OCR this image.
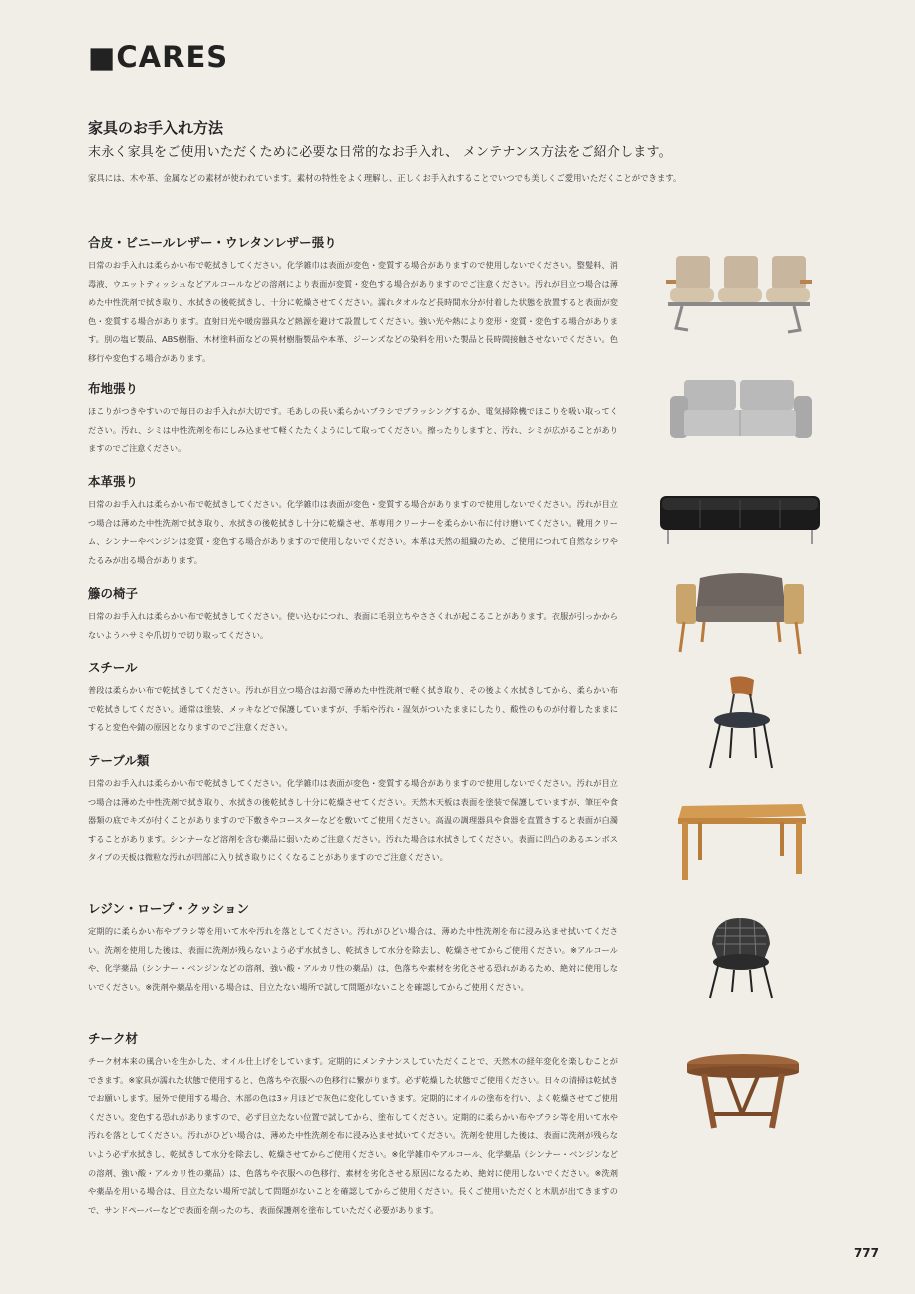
■CARES
家具のお手入れ方法
末永く家具をご使用いただくために必要な日常的なお手入れ、 メンテナンス方法をご紹介します。
家具には、木や革、金属などの素材が使われています。素材の特性をよく理解し、正しくお手入れすることでいつでも美しくご愛用いただくことができます。
合皮・ビニールレザー・ウレタンレザー張り

日常のお手入れは柔らかい布で乾拭きしてください。化学雑巾は表面が変色・変質する場合がありますので使用しないでください。整髪料、消毒液、ウエットティッシュなどアルコールなどの溶剤により表面が変質・変色する場合がありますのでご注意ください。汚れが目立つ場合は薄めた中性洗剤で拭き取り、水拭きの後乾拭きし、十分に乾燥させてください。濡れタオルなど長時間水分が付着した状態を放置すると表面が変色・変質する場合があります。直射日光や暖房器具など熱源を避けて設置してください。強い光や熱により変形・変質・変色する場合があります。別の塩ビ製品、ABS樹脂、木材塗料面などの異材樹脂製品や本革、ジーンズなどの染料を用いた製品と長時間接触させないでください。色移行や変色する場合があります。

布地張り

ほこりがつきやすいので毎日のお手入れが大切です。毛あしの長い柔らかいブラシでブラッシングするか、電気掃除機でほこりを吸い取ってください。汚れ、シミは中性洗剤を布にしみ込ませて軽くたたくようにして取ってください。擦ったりしますと、汚れ、シミが広がることがありますのでご注意ください。

本革張り

日常のお手入れは柔らかい布で乾拭きしてください。化学雑巾は表面が変色・変質する場合がありますので使用しないでください。汚れが目立つ場合は薄めた中性洗剤で拭き取り、水拭きの後乾拭きし十分に乾燥させ、革専用クリーナーを柔らかい布に付け磨いてください。靴用クリーム、シンナーやベンジンは変質・変色する場合がありますので使用しないでください。本革は天然の組織のため、ご使用につれて自然なシワやたるみが出る場合があります。

籐の椅子

日常のお手入れは柔らかい布で乾拭きしてください。使い込むにつれ、表面に毛羽立ちやささくれが起こることがあります。衣服が引っかからないようハサミや爪切りで切り取ってください。

スチール

普段は柔らかい布で乾拭きしてください。汚れが目立つ場合はお湯で薄めた中性洗剤で軽く拭き取り、その後よく水拭きしてから、柔らかい布で乾拭きしてください。通常は塗装、メッキなどで保護していますが、手垢や汚れ・湿気がついたままにしたり、酸性のものが付着したままにすると変色や錆の原因となりますのでご注意ください。

テーブル類

日常のお手入れは柔らかい布で乾拭きしてください。化学雑巾は表面が変色・変質する場合がありますので使用しないでください。汚れが目立つ場合は薄めた中性洗剤で拭き取り、水拭きの後乾拭きし十分に乾燥させてください。天然木天板は表面を塗装で保護していますが、筆圧や食器類の底でキズが付くことがありますので下敷きやコースターなどを敷いてご使用ください。高温の調理器具や食器を直置きすると表面が白濁することがあります。シンナーなど溶剤を含む薬品に弱いためご注意ください。汚れた場合は水拭きしてください。表面に凹凸のあるエンボスタイプの天板は微粒な汚れが凹部に入り拭き取りにくくなることがありますのでご注意ください。

レジン・ロープ・クッション

定期的に柔らかい布やブラシ等を用いて水や汚れを落としてください。汚れがひどい場合は、薄めた中性洗剤を布に浸み込ませ拭いてください。洗剤を使用した後は、表面に洗剤が残らないよう必ず水拭きし、乾拭きして水分を除去し、乾燥させてからご使用ください。※アルコールや、化学薬品（シンナー・ベンジンなどの溶剤、強い酸・アルカリ性の薬品）は、色落ちや素材を劣化させる恐れがあるため、絶対に使用しないでください。※洗剤や薬品を用いる場合は、目立たない場所で試して問題がないことを確認してからご使用ください。

チーク材

チーク材本来の風合いを生かした、オイル仕上げをしています。定期的にメンテナンスしていただくことで、天然木の経年変化を楽しむことができます。※家具が濡れた状態で使用すると、色落ちや衣服への色移行に繋がります。必ず乾燥した状態でご使用ください。日々の清掃は乾拭きでお願いします。屋外で使用する場合、木部の色は3ヶ月ほどで灰色に変化していきます。定期的にオイルの塗布を行い、よく乾燥させてご使用ください。変色する恐れがありますので、必ず目立たない位置で試してから、塗布してください。定期的に柔らかい布やブラシ等を用いて水や汚れを落としてください。汚れがひどい場合は、薄めた中性洗剤を布に浸み込ませ拭いてください。洗剤を使用した後は、表面に洗剤が残らないよう必ず水拭きし、乾拭きして水分を除去し、乾燥させてからご使用ください。※化学雑巾やアルコール、化学薬品（シンナー・ベンジンなどの溶剤、強い酸・アルカリ性の薬品）は、色落ちや衣服への色移行、素材を劣化させる原因になるため、絶対に使用しないでください。※洗剤や薬品を用いる場合は、目立たない場所で試して問題がないことを確認してからご使用ください。長くご使用いただくと木肌が出てきますので、サンドペーパーなどで表面を削ったのち、表面保護剤を塗布していただく必要があります。

777
